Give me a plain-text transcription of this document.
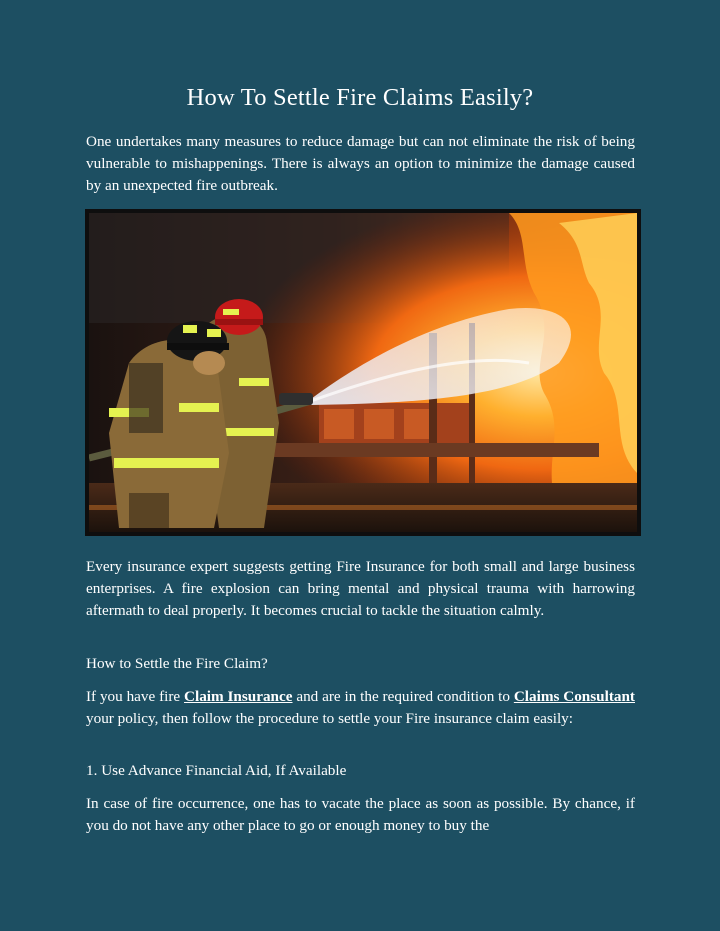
How To Settle Fire Claims Easily?

One undertakes many measures to reduce damage but can not eliminate the risk of being vulnerable to mishappenings. There is always an option to minimize the damage caused by an unexpected fire outbreak.

Every insurance expert suggests getting Fire Insurance for both small and large business enterprises. A fire explosion can bring mental and physical trauma with harrowing aftermath to deal properly. It becomes crucial to tackle the situation calmly.

How to Settle the Fire Claim?

If you have fire Claim Insurance and are in the required condition to Claims Consultant your policy, then follow the procedure to settle your Fire insurance claim easily:

1. Use Advance Financial Aid, If Available

In case of fire occurrence, one has to vacate the place as soon as possible. By chance, if you do not have any other place to go or enough money to buy the
